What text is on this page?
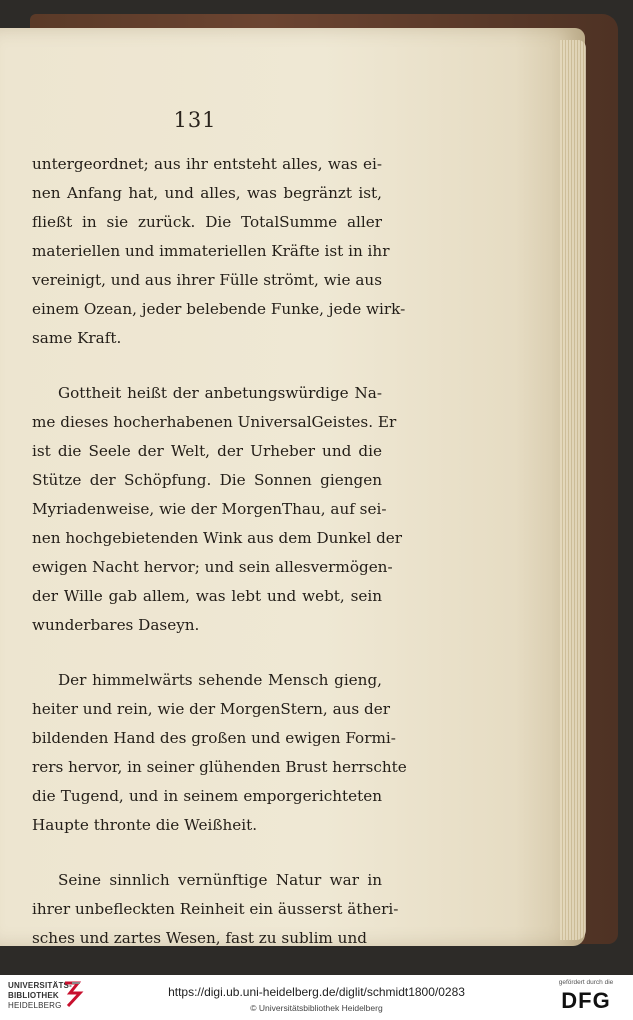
131
untergeordnet; aus ihr entsteht alles, was ei-
nen Anfang hat, und alles, was begränzt ist,
fließt in sie zurück. Die TotalSumme aller
materiellen und immateriellen Kräfte ist in ihr
vereinigt, und aus ihrer Fülle strömt, wie aus
einem Ozean, jeder belebende Funke, jede wirk-
same Kraft.
Gottheit heißt der anbetungswürdige Na-
me dieses hocherhabenen UniversalGeistes. Er
ist die Seele der Welt, der Urheber und die
Stütze der Schöpfung. Die Sonnen giengen
Myriadenweise, wie der MorgenThau, auf sei-
nen hochgebietenden Wink aus dem Dunkel der
ewigen Nacht hervor; und sein allesvermögen-
der Wille gab allem, was lebt und webt, sein
wunderbares Daseyn.
Der himmelwärts sehende Mensch gieng,
heiter und rein, wie der MorgenStern, aus der
bildenden Hand des großen und ewigen Formi-
rers hervor, in seiner glühenden Brust herrschte
die Tugend, und in seinem emporgerichteten
Haupte thronte die Weißheit.
Seine sinnlich vernünftige Natur war in
ihrer unbefleckten Reinheit ein äusserst ätheri-
sches und zartes Wesen, fast zu sublim und
UNIVERSITÄTS-
BIBLIOTHEK
HEIDELBERG
https://digi.ub.uni-heidelberg.de/diglit/schmidt1800/0283
© Universitätsbibliothek Heidelberg
gefördert durch die
DFG
